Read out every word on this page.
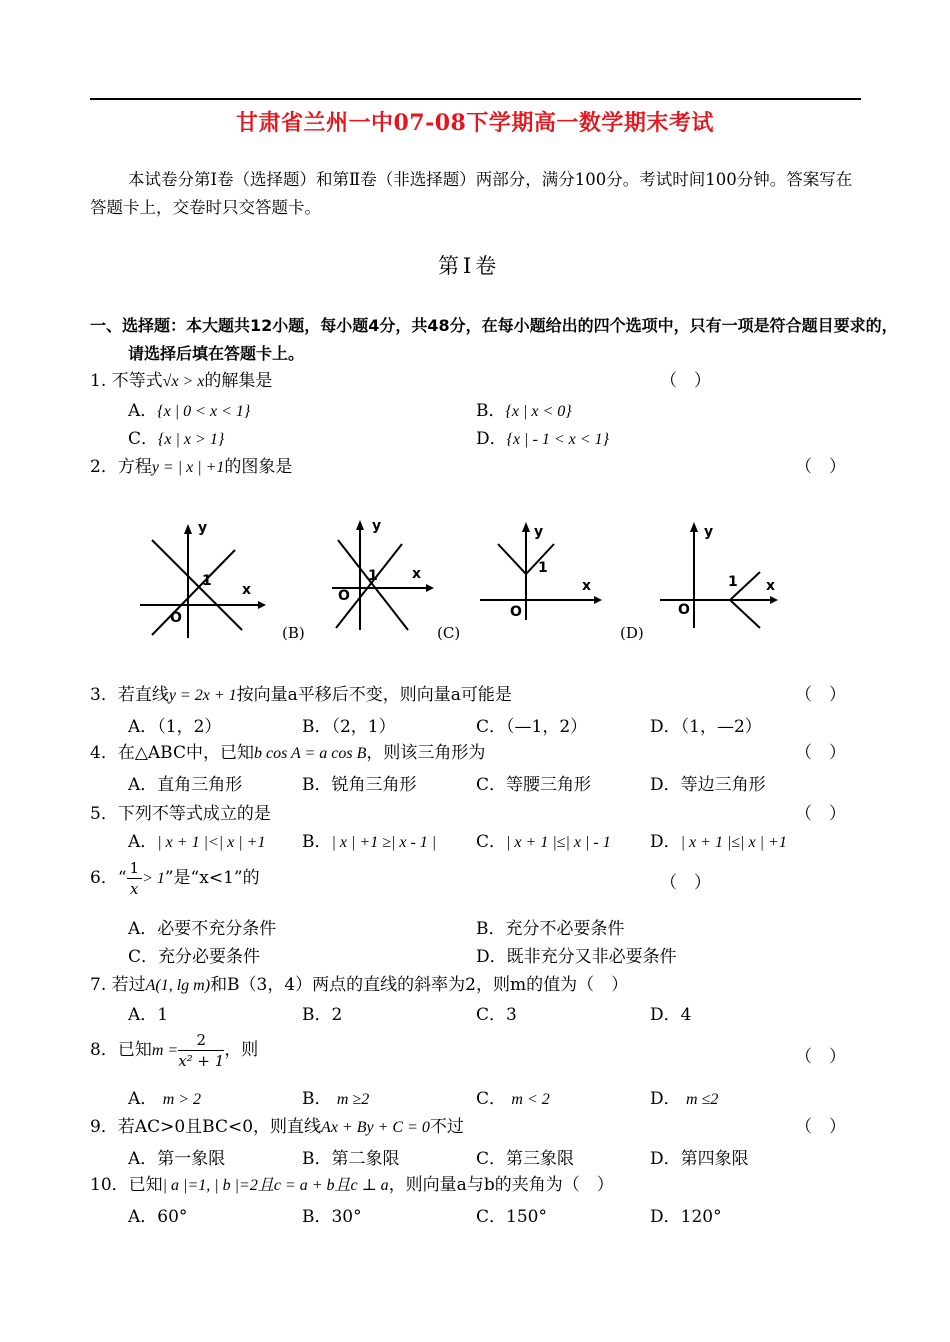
甘肃省兰州一中07-08下学期高一数学期末考试
本试卷分第Ⅰ卷（选择题）和第Ⅱ卷（非选择题）两部分，满分100分。考试时间100分钟。答案写在答题卡上，交卷时只交答题卡。
第Ⅰ卷
一、选择题：本大题共12小题，每小题4分，共48分，在每小题给出的四个选项中，只有一项是符合题目要求的，请选择后填在答题卡上。
1. 不等式√x > x的解集是	（　）
A．{x | 0 < x < 1}	B．{x | x < 0}
C．{x | x > 1}	D．{x | - 1 < x < 1}
2．方程y = | x | +1的图象是	（　）
y
x
O
1
y
x
O
1
y
x
O
1
y
x
O
1
(B)	(C)	(D)
3．若直线y = 2x + 1按向量a平移后不变，则向量a可能是	（　）
A．（1，2）	B．（2，1）	C．（—1，2）	D．（1，—2）
4．在△ABC中，已知b cos A = a cos B，则该三角形为	（　）
A．直角三角形	B．锐角三角形	C．等腰三角形	D．等边三角形
5．下列不等式成立的是	（　）
A．| x + 1 |<| x | +1 B．| x | +1 ≥| x - 1 | C．| x + 1 |≤| x | - 1 D．| x + 1 |≤| x | +1
6．“ $\frac{1}{x} > 1$”是“x<1”的	（　）
A．必要不充分条件	B．充分不必要条件
C．充分必要条件	D．既非充分又非必要条件
7. 若过A(1, lg m)和B（3，4）两点的直线的斜率为2，则m的值为（　）
A．1	B．2	C．3	D．4
8．已知$m = \frac{2}{\text{x² + 1}}$ ，则	（　）
A． m > 2	B． m ≥2	C． m < 2	D． m ≤2
9．若AC>0且BC<0，则直线Ax + By + C = 0不过	（　）
A．第一象限	B．第二象限	C．第三象限	D．第四象限
10．已知| a |=1, | b |=2且c = a + b且c ⊥ a，则向量a与b的夹角为（　）
A．60°	B．30°	C．150°	D．120°
